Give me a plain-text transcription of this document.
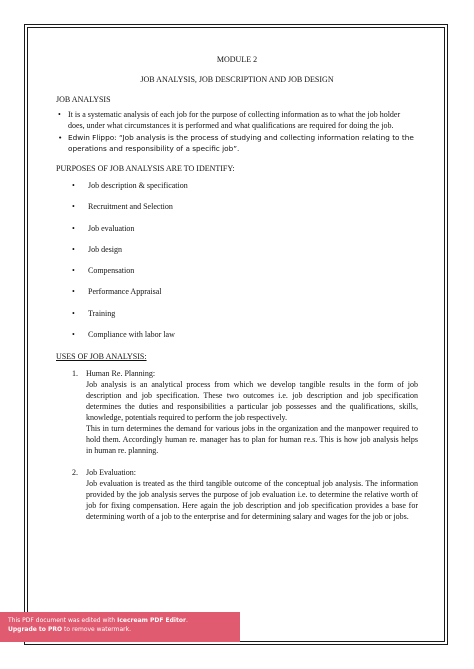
MODULE 2
JOB ANALYSIS, JOB DESCRIPTION AND JOB DESIGN
JOB ANALYSIS
• It is a systematic analysis of each job for the purpose of collecting information as to what the job holder does, under what circumstances it is performed and what qualifications are required for doing the job.
• Edwin Flippo: “Job analysis is the process of studying and collecting information relating to the operations and responsibility of a specific job”.
PURPOSES OF JOB ANALYSIS ARE TO IDENTIFY:
• Job description & specification
• Recruitment and Selection
• Job evaluation
• Job design
• Compensation
• Performance Appraisal
• Training
• Compliance with labor law
USES OF JOB ANALYSIS:
1. Human Re. Planning:

Job analysis is an analytical process from which we develop tangible results in the form of job description and job specification. These two outcomes i.e. job description and job specification determines the duties and responsibilities a particular job possesses and the qualifications, skills, knowledge, potentials required to perform the job respectively.

This in turn determines the demand for various jobs in the organization and the manpower required to hold them. Accordingly human re. manager has to plan for human re.s. This is how job analysis helps in human re. planning.

2. Job Evaluation:

Job evaluation is treated as the third tangible outcome of the conceptual job analysis. The information provided by the job analysis serves the purpose of job evaluation i.e. to determine the relative worth of job for fixing compensation. Here again the job description and job specification provides a base for determining worth of a job to the enterprise and for determining salary and wages for the job or jobs.

This PDF document was edited with Icecream PDF Editor.
Upgrade to PRO to remove watermark.
